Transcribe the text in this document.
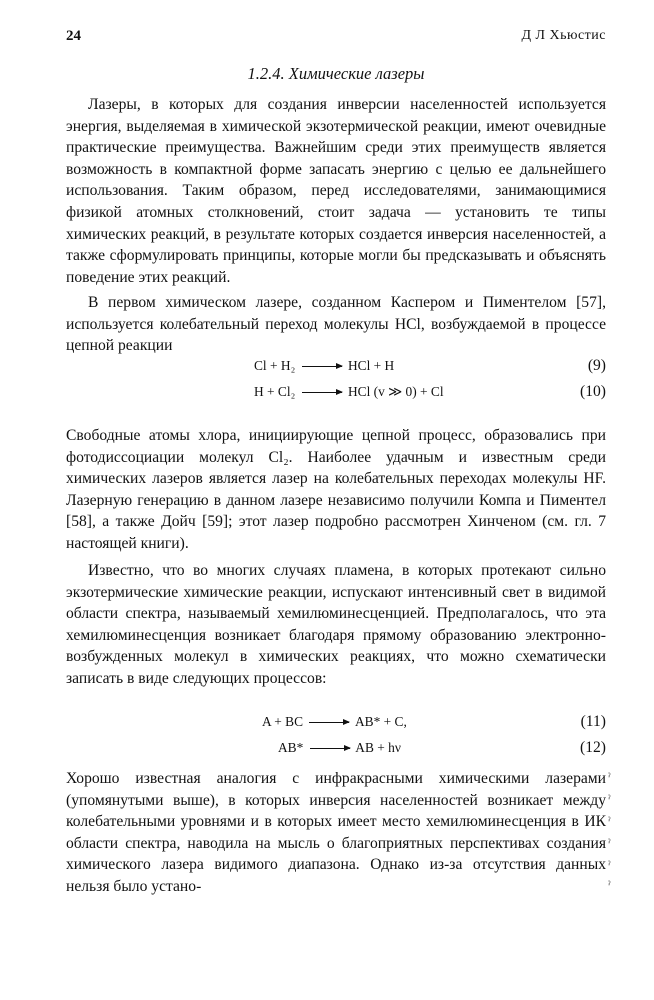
24	Д Л Хьюстис
1.2.4. Химические лазеры

Лазеры, в которых для создания инверсии населенностей используется энергия, выделяемая в химической экзотермической реакции, имеют очевидные практические преимущества. Важнейшим среди этих преимуществ является возможность в компактной форме запасать энергию с целью ее дальнейшего использования. Таким образом, перед исследователями, занимающимися физикой атомных столкновений, стоит задача — установить те типы химических реакций, в результате которых создается инверсия населенностей, а также сформулировать принципы, которые могли бы предсказывать и объяснять поведение этих реакций.

В первом химическом лазере, созданном Каспером и Пиментелом [57], используется колебательный переход молекулы HCl, возбуждаемой в процессе цепной реакции

Cl + H₂ → HCl + H	(9)
H + Cl₂ → HCl (v ≫ 0) + Cl	(10)

Свободные атомы хлора, инициирующие цепной процесс, образовались при фотодиссоциации молекул Cl₂. Наиболее удачным и известным среди химических лазеров является лазер на колебательных переходах молекулы HF. Лазерную генерацию в данном лазере независимо получили Компа и Пиментел [58], а также Дойч [59]; этот лазер подробно рассмотрен Хинченом (см. гл. 7 настоящей книги).

Известно, что во многих случаях пламена, в которых протекают сильно экзотермические химические реакции, испускают интенсивный свет в видимой области спектра, называемый хемилюминесценцией. Предполагалось, что эта хемилюминесценция возникает благодаря прямому образованию электронно-возбужденных молекул в химических реакциях, что можно схематически записать в виде следующих процессов:

A + BC → AB* + C,	(11)
AB* → AB + hν	(12)

Хорошо известная аналогия с инфракрасными химическими лазерами (упомянутыми выше), в которых инверсия населенностей возникает между колебательными уровнями и в которых имеет место хемилюминесценция в ИК области спектра, наводила на мысль о благоприятных перспективах создания химического лазера видимого диапазона. Однако из-за отсутствия данных нельзя было устано-

ˀ
ˀ
ˀ
ˀ
ˀ
ˀ
